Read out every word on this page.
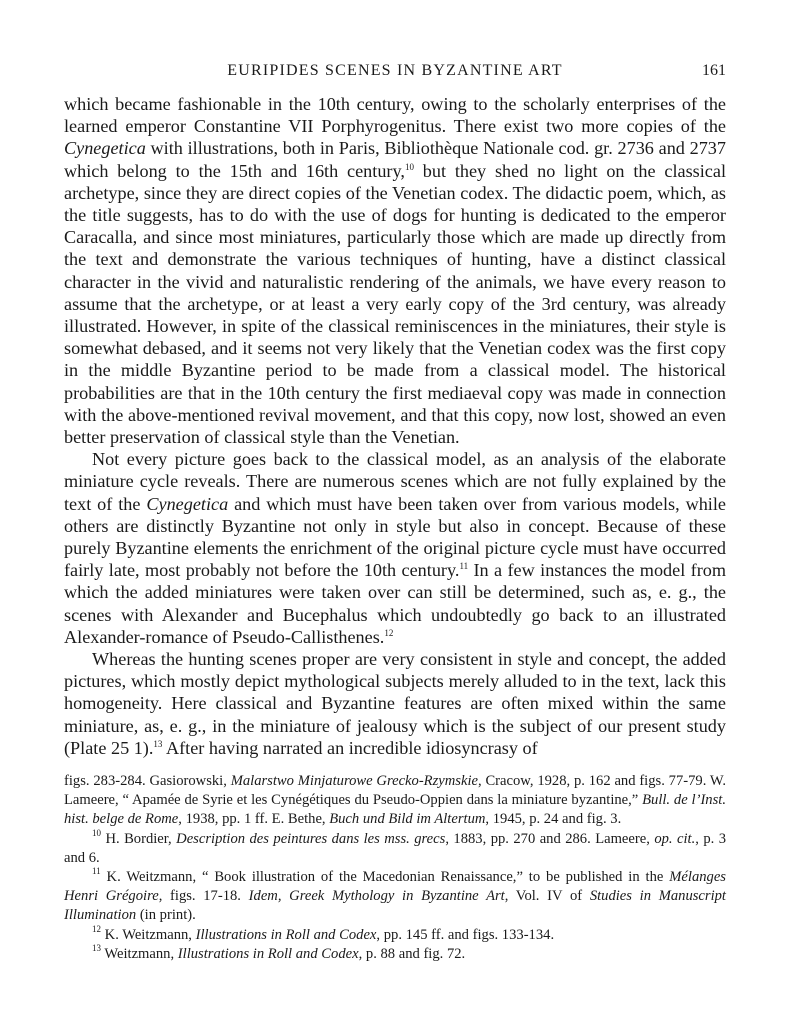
EURIPIDES SCENES IN BYZANTINE ART	161

which became fashionable in the 10th century, owing to the scholarly enterprises of the learned emperor Constantine VII Porphyrogenitus. There exist two more copies of the Cynegetica with illustrations, both in Paris, Bibliothèque Nationale cod. gr. 2736 and 2737 which belong to the 15th and 16th century,$^{10}$ but they shed no light on the classical archetype, since they are direct copies of the Venetian codex. The didactic poem, which, as the title suggests, has to do with the use of dogs for hunting is dedicated to the emperor Caracalla, and since most miniatures, particularly those which are made up directly from the text and demonstrate the various techniques of hunting, have a distinct classical character in the vivid and naturalistic rendering of the animals, we have every reason to assume that the archetype, or at least a very early copy of the 3rd century, was already illustrated. However, in spite of the classical reminiscences in the miniatures, their style is somewhat debased, and it seems not very likely that the Venetian codex was the first copy in the middle Byzantine period to be made from a classical model. The historical probabilities are that in the 10th century the first mediaeval copy was made in connection with the above-mentioned revival movement, and that this copy, now lost, showed an even better preservation of classical style than the Venetian.

Not every picture goes back to the classical model, as an analysis of the elaborate miniature cycle reveals. There are numerous scenes which are not fully explained by the text of the Cynegetica and which must have been taken over from various models, while others are distinctly Byzantine not only in style but also in concept. Because of these purely Byzantine elements the enrichment of the original picture cycle must have occurred fairly late, most probably not before the 10th century.$^{11}$ In a few instances the model from which the added miniatures were taken over can still be determined, such as, e. g., the scenes with Alexander and Bucephalus which undoubtedly go back to an illustrated Alexander-romance of Pseudo-Callisthenes.$^{12}$

Whereas the hunting scenes proper are very consistent in style and concept, the added pictures, which mostly depict mythological subjects merely alluded to in the text, lack this homogeneity. Here classical and Byzantine features are often mixed within the same miniature, as, e. g., in the miniature of jealousy which is the subject of our present study (Plate 25 1).$^{13}$ After having narrated an incredible idiosyncrasy of

figs. 283-284. Gasiorowski, Malarstwo Minjaturowe Grecko-Rzymskie, Cracow, 1928, p. 162 and figs. 77-79. W. Lameere, “ Apamée de Syrie et les Cynégétiques du Pseudo-Oppien dans la miniature byzantine,” Bull. de l’Inst. hist. belge de Rome, 1938, pp. 1 ff. E. Bethe, Buch und Bild im Altertum, 1945, p. 24 and fig. 3.

$^{10}$ H. Bordier, Description des peintures dans les mss. grecs, 1883, pp. 270 and 286. Lameere, op. cit., p. 3 and 6.

$^{11}$ K. Weitzmann, “ Book illustration of the Macedonian Renaissance,” to be published in the Mélanges Henri Grégoire, figs. 17-18. Idem, Greek Mythology in Byzantine Art, Vol. IV of Studies in Manuscript Illumination (in print).

$^{12}$ K. Weitzmann, Illustrations in Roll and Codex, pp. 145 ff. and figs. 133-134.

$^{13}$ Weitzmann, Illustrations in Roll and Codex, p. 88 and fig. 72.
